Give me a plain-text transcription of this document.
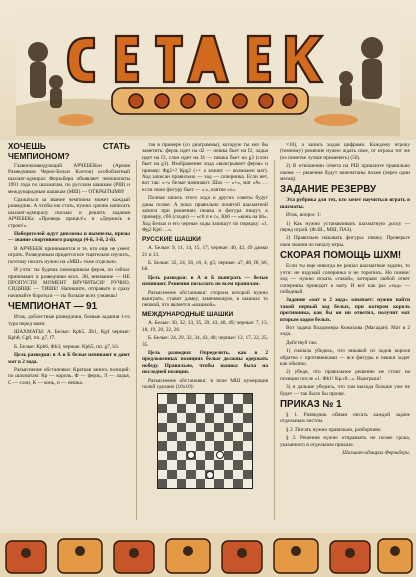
ХОЧЕШЬ СТАТЬ ЧЕМПИОНОМ?

Главнокомандующий АРЧЕБЕКон (Армия Разведчиков Черно-Белых Клеток) особоблатный шахмат-адмирал Ферзьбери объявляет чемпионаты 1991 года по шахматам, по русским шашкам (РШ) и международным шашкам (МШ) — ОТКРЫТЫМИ!

Сражаться за звание чемпиона может каждый разведчик. А чтобы ею стать, нужно срочно написать шахмат-адмиралу письмо и решить задания АРЧЕБЕКа «Проверь прицел!» и «Держись в строю!».

Победителей ждут дипломы и вымпелы, призы — звание спортивного разряда (4-й, 3-й, 2-й).

В АРЧЕБЕК принимаются и те, кто еще не умеет играть. Разведчикам придется все тщательно изучить, поэтому писать нужно на «МШ» тоже отдельно.

И учти: ты будешь помощником ферзя, по сейчас принимают в разведчики всех. Эй, внимание — НЕ ПРОПУСТИ МОМЕНТ ВРУЧИТЬСЯ! РУЧНО, СИДЯЩЕ — ТИШЕ! Напишите, отправьте и сразу начинайте бороться — ты больше всех узнаешь!

ЧЕМПИОНАТ — 91

Итак, доблестные разведчики, боевые задания 1-го тура перед вами.

ШАХМАТЫ: А. Белые: Крh5, Лb1, Кg4 черные: Крh8, Сg8, пп. g7, f7.

Б. Белые: Крh6, Фb3; черные: Крh5, пп. g7, h3.

Цель разведки: в А и Б белые начинают и дают мат в 2 хода.

Разъяснение обстановки: Краткая запись позиций: по шахматам: Кр — король, Ф — ферзь, Л — ладья, С — слон, К — конь, п — пешка.

так в примере (со диаграммы), которую ты мог бы заметить: ферзь идет на d2 — пешка бьет на f2, ладья идет на f3, слон идет на f4 — пешка бьет на g3 (слон бьет на g3). Изображение хода «выигрывает ферзя» и пример: Фg2+? Крg2 (++ а значит — возможен мат). Ход записан правильно — ход — соперника. Если нет, вот так: «+» белые начинают. Шах — «+», мат «#» … если свою фигуру бьет — «:», взятие «х».

Полная запись этого хода и других советы будут даны позже. А пока: правильно понятой шахматной записи при решениях пешка и фигура пишут, к примеру, сб6 (сходи) — «с6 п е с», Кb6 — «конь на b6». Ход Белых и его черные ходы запишут по порядку: «1. Фg2 Кр6 …».

РУССКИЕ ШАШКИ

А. Белые: 9, 11, 14, 15, 17; черные: 40, 42, 49 дамки 21 и 13.

Б. Белые: 32, 24, 56, с6, 4, g5; черные: а7, d8, f8, h6, h8.

Цель разведки: в А и Б выиграть — белые начинают. Решения посылать по всем правилам.

Разъяснение обстановки: сторона которой нужно выиграть, ставит дамку, заменяющую, в шашках то пешкой, что является «шашкой».

МЕЖДУНАРОДНЫЕ ШАШКИ

А. Белые: 30, 32, 33, 35, 39, 43, 48, 49; черные: 7, 13, 18, 19, 20, 22, 26.

Б. Белые: 24, 29, 32, 34, 43, 48; черные: 12, 17, 22, 25, 35.

Цель разведки: Определить, как в 2 предложенных позициях белые должны одержать победу. Правильно, чтобы шашка была на последней позиции.

Разъяснение обстановки: в поле МШ нумерация полей сделано (10х10):

×10), а запись ходов цифрами. Каждому игроку (темному) решение нужно ждать свое, от игрока тот же (из пометке лучше применять) (50).

2) В отношении ответа на РШ пришлите правильно своим — решения будут напечатаны позже (через один месяц).

ЗАДАНИЕ РЕЗЕРВУ

Эта рубрика для тех, кто хочет научиться играть в шахматы.

Итак, вопрос 1:

1) Как нужно устанавливать шахматную доску — перед игрой. (Ф.Ш., МШ, ПАЗ).

2) Правильно называть фигуры: пешку. Проверьте свои знания по началу игры.

СКОРАЯ ПОМОЩЬ ШХМ!

Если ты еще никогда не решал шахматные задачи, то учти: не вздумай соперника и не торопись. Но помни: ход — нужно искать «такой», которым любой ответ соперника приводит к мату. И вот как раз «ход» — победный.

Задание «мат в 2 хода» означает: нужно найти такой первый ход белых, при котором король противника, как бы он ни ответил, получит мат вторым ходом белых.

Вот задача Владимира Кожахова (Магадан). Мат в 2 хода.

Действуй так:

1) сначала убедись, что никакой из ходов короля обратно с противниками — все фигуры и пешки ходят как обычно.

2) убеди, что правильное решение не стоит на позиции после «1. Фb1! Кр.с8...». Выигрыш!

3) и дальше убедись, что там выхода больше уже не будет — так было бы проще.

ПРИКАЗ № 1

§ 1. Разведчик обязан писать каждой задаче отдельным листом.

§ 2. Писать нужно правильно, разборчиво.

§ 3. Решения нужно отправлять не позже срока, указанного в отдельном приказе.

Шахмат-адмирал Ферзьбери.
